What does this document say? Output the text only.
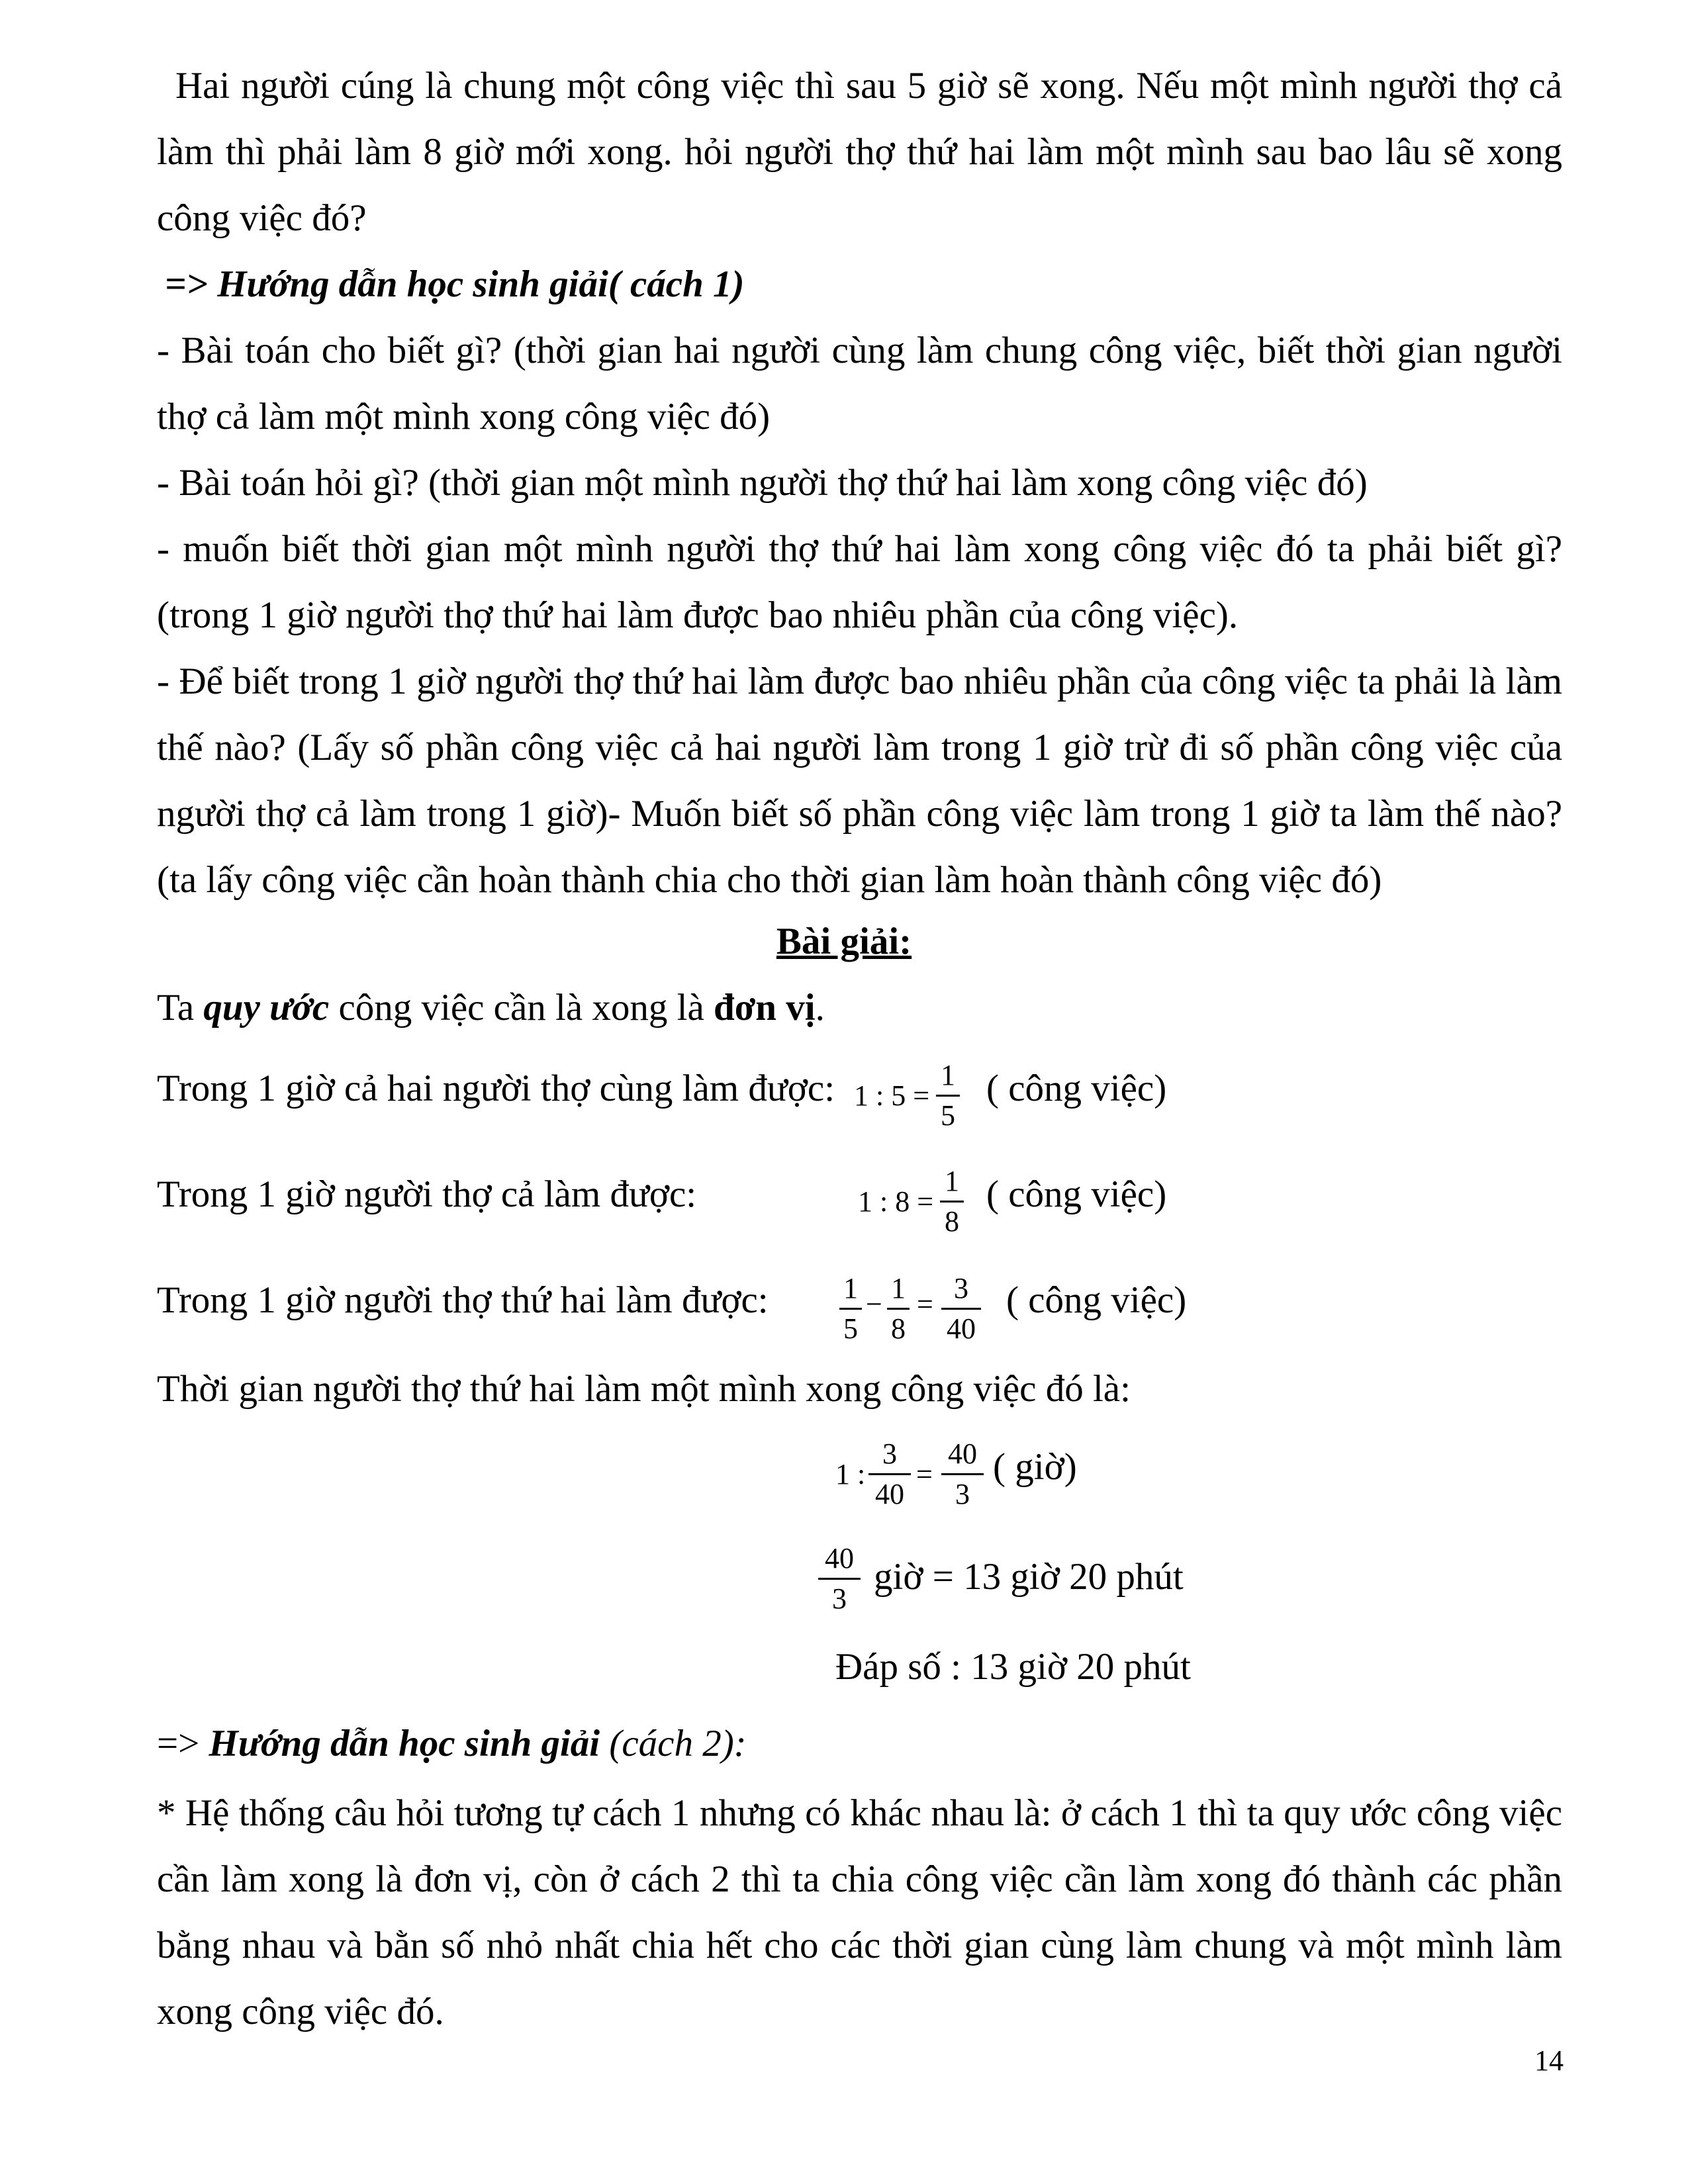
Hai người cúng là chung một công việc thì sau 5 giờ sẽ xong. Nếu một mình người thợ cả làm thì phải làm 8 giờ mới xong. hỏi người thợ thứ hai làm một mình sau bao lâu sẽ xong công việc đó?
=> Hướng dẫn học sinh giải( cách 1)
- Bài toán cho biết gì? (thời gian hai người cùng làm chung công việc, biết thời gian người thợ cả làm một mình xong công việc đó)
- Bài toán hỏi gì? (thời gian một mình người thợ thứ hai làm xong công việc đó)
- muốn biết thời gian một mình người thợ thứ hai làm xong công việc đó ta phải biết gì? (trong 1 giờ người thợ thứ hai làm được bao nhiêu phần của công việc).
- Để biết trong 1 giờ người thợ thứ hai làm được bao nhiêu phần của công việc ta phải là làm thế nào? (Lấy số phần công việc cả hai người làm trong 1 giờ trừ đi số phần công việc của người thợ cả làm trong 1 giờ)- Muốn biết số phần công việc làm trong 1 giờ ta làm thế nào? (ta lấy công việc cần hoàn thành chia cho thời gian làm hoàn thành công việc đó)
Bài giải:
Ta quy ước công việc cần là xong là đơn vị.
Trong 1 giờ cả hai người thợ cùng làm được: 1 : 5 =
1
5
( công việc)
Trong 1 giờ người thợ cả làm được:	1 : 8 =
1
8
( công việc)
Trong 1 giờ người thợ thứ hai làm được:	1
5
− 1
8
= 3
40
( công việc)
Thời gian người thợ thứ hai làm một mình xong công việc đó là:
1 :
3
40
=
40
3
( giờ)
40
3
giờ = 13 giờ 20 phút
Đáp số : 13 giờ 20 phút
=> Hướng dẫn học sinh giải (cách 2):
* Hệ thống câu hỏi tương tự cách 1 nhưng có khác nhau là: ở cách 1 thì ta quy ước công việc cần làm xong là đơn vị, còn ở cách 2 thì ta chia công việc cần làm xong đó thành các phần bằng nhau và bằn số nhỏ nhất chia hết cho các thời gian cùng làm chung và một mình làm xong công việc đó.
14
